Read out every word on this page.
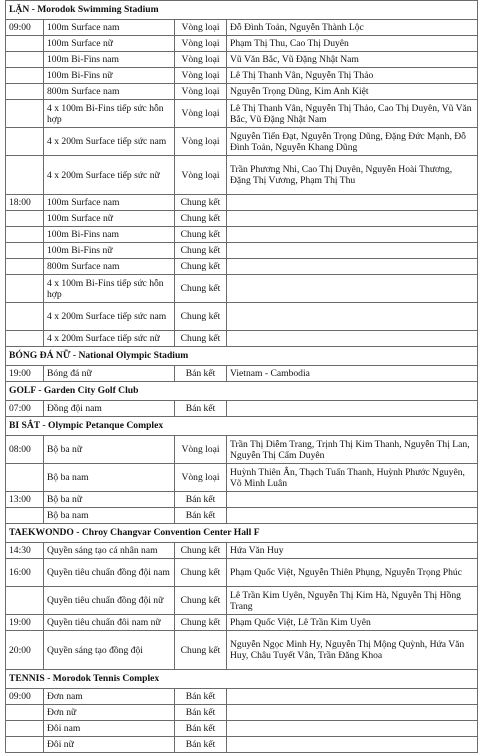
LẶN - Morodok Swimming Stadium			
09:00	100m Surface nam	Vòng loại	Đỗ Đình Toản, Nguyễn Thành Lộc
	100m Surface nữ	Vòng loại	Phạm Thị Thu, Cao Thị Duyên
	100m Bi-Fins nam	Vòng loại	Vũ Văn Bắc, Vũ Đặng Nhật Nam
	100m Bi-Fins nữ	Vòng loại	Lê Thị Thanh Vân, Nguyễn Thị Thảo
	800m Surface nam	Vòng loại	Nguyễn Trọng Dũng, Kim Anh Kiệt
	4 x 100m Bi-Fins tiếp sức hỗn hợp	Vòng loại	Lê Thị Thanh Vân, Nguyễn Thị Thảo, Cao Thị Duyên, Vũ Văn Bắc, Vũ Đặng Nhật Nam
	4 x 200m Surface tiếp sức nam	Vòng loại	Nguyễn Tiến Đạt, Nguyễn Trọng Dũng, Đặng Đức Mạnh, Đỗ Đình Toản, Nguyễn Khang Dũng
	4 x 200m Surface tiếp sức nữ	Vòng loại	Trần Phương Nhi, Cao Thị Duyên, Nguyễn Hoài Thương, Đặng Thị Vương, Phạm Thị Thu
18:00	100m Surface nam	Chung kết	
	100m Surface nữ	Chung kết	
	100m Bi-Fins nam	Chung kết	
	100m Bi-Fins nữ	Chung kết	
	800m Surface nam	Chung kết	
	4 x 100m Bi-Fins tiếp sức hỗn hợp	Chung kết	
	4 x 200m Surface tiếp sức nam	Chung kết	
	4 x 200m Surface tiếp sức nữ	Chung kết	
BÓNG ĐÁ NỮ - National Olympic Stadium			
19:00	Bóng đá nữ	Bán kết	Vietnam - Cambodia
GOLF - Garden City Golf Club			
07:00	Đồng đội nam	Bán kết	
BI SẮT - Olympic Petanque Complex			
08:00	Bộ ba nữ	Vòng loại	Trần Thị Diễm Trang, Trịnh Thị Kim Thanh, Nguyễn Thị Lan, Nguyễn Thị Cẩm Duyên
	Bộ ba nam	Vòng loại	Huỳnh Thiên Ân, Thạch Tuấn Thanh, Huỳnh Phước Nguyên, Võ Minh Luân
13:00	Bộ ba nữ	Bán kết	
	Bộ ba nam	Bán kết	
TAEKWONDO - Chroy Changvar Convention Center Hall F			
14:30	Quyền sáng tạo cá nhân nam	Chung kết	Hứa Văn Huy
16:00	Quyền tiêu chuẩn đồng đội nam	Chung kết	Phạm Quốc Việt, Nguyễn Thiên Phụng, Nguyễn Trọng Phúc
	Quyền tiêu chuẩn đồng đội nữ	Chung kết	Lê Trần Kim Uyên, Nguyễn Thị Kim Hà, Nguyễn Thị Hồng Trang
19:00	Quyền tiêu chuẩn đôi nam nữ	Chung kết	Phạm Quốc Việt, Lê Trần Kim Uyên
20:00	Quyền sáng tạo đồng đội	Chung kết	Nguyễn Ngọc Minh Hy, Nguyễn Thị Mộng Quỳnh, Hứa Văn Huy, Châu Tuyết Vân, Trần Đăng Khoa
TENNIS - Morodok Tennis Complex			
09:00	Đơn nam	Bán kết	
	Đơn nữ	Bán kết	
	Đôi nam	Bán kết	
	Đôi nữ	Bán kết	
